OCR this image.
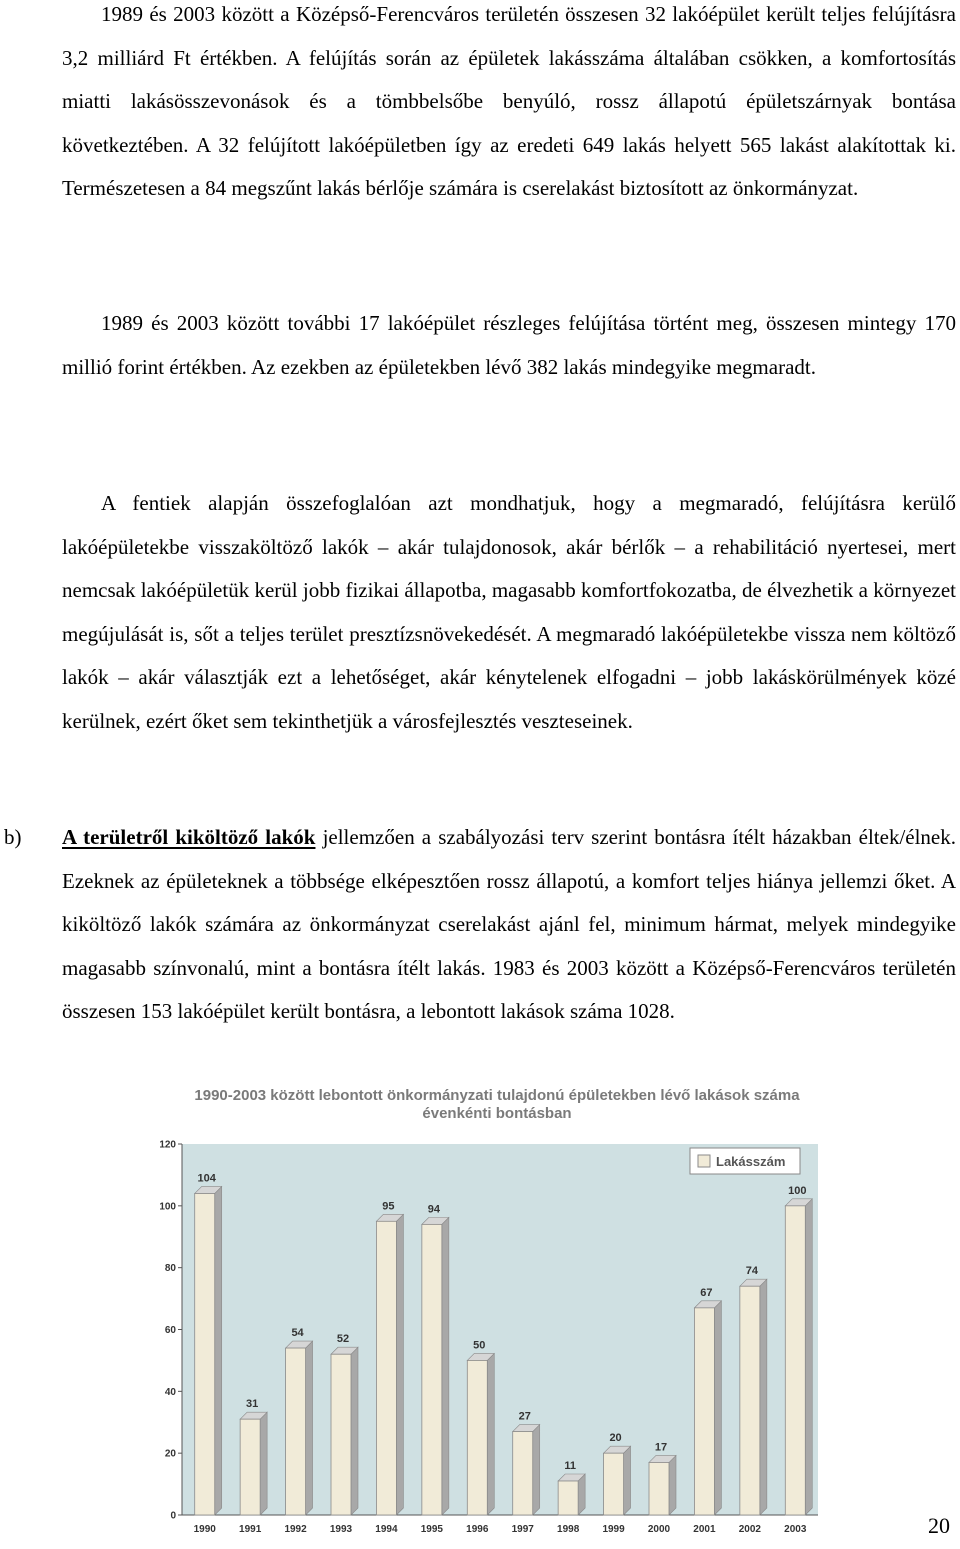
1989 és 2003 között a Középső-Ferencváros területén összesen 32 lakóépület került teljes felújításra 3,2 milliárd Ft értékben. A felújítás során az épületek lakásszáma általában csökken, a komfortosítás miatti lakásösszevonások és a tömbbelsőbe benyúló, rossz állapotú épületszárnyak bontása következtében. A 32 felújított lakóépületben így az eredeti 649 lakás helyett 565 lakást alakítottak ki. Természetesen a 84 megszűnt lakás bérlője számára is cserelakást biztosított az önkormányzat.

1989 és 2003 között további 17 lakóépület részleges felújítása történt meg, összesen mintegy 170 millió forint értékben. Az ezekben az épületekben lévő 382 lakás mindegyike megmaradt.

A fentiek alapján összefoglalóan azt mondhatjuk, hogy a megmaradó, felújításra kerülő lakóépületekbe visszaköltöző lakók – akár tulajdonosok, akár bérlők – a rehabilitáció nyertesei, mert nemcsak lakóépületük kerül jobb fizikai állapotba, magasabb komfortfokozatba, de élvezhetik a környezet megújulását is, sőt a teljes terület presztízsnövekedését. A megmaradó lakóépületekbe vissza nem költöző lakók – akár választják ezt a lehetőséget, akár kénytelenek elfogadni – jobb lakáskörülmények közé kerülnek, ezért őket sem tekinthetjük a városfejlesztés veszteseinek.

b) A területről kiköltöző lakók jellemzően a szabályozási terv szerint bontásra ítélt házakban éltek/élnek. Ezeknek az épületeknek a többsége elképesztően rossz állapotú, a komfort teljes hiánya jellemzi őket. A kiköltöző lakók számára az önkormányzat cserelakást ajánl fel, minimum hármat, melyek mindegyike magasabb színvonalú, mint a bontásra ítélt lakás. 1983 és 2003 között a Középső-Ferencváros területén összesen 153 lakóépület került bontásra, a lebontott lakások száma 1028.

1990-2003 között lebontott önkormányzati tulajdonú épületekben lévő lakások száma
évenkénti bontásban
0
20
40
60
80
100
120
104
31
54
52
95	94
50
27
11
20
17
67
74
100
1990 1991 1992 1993 1994 1995 1996 1997 1998 1999 2000 2001 2002 2003
Lakásszám
20
